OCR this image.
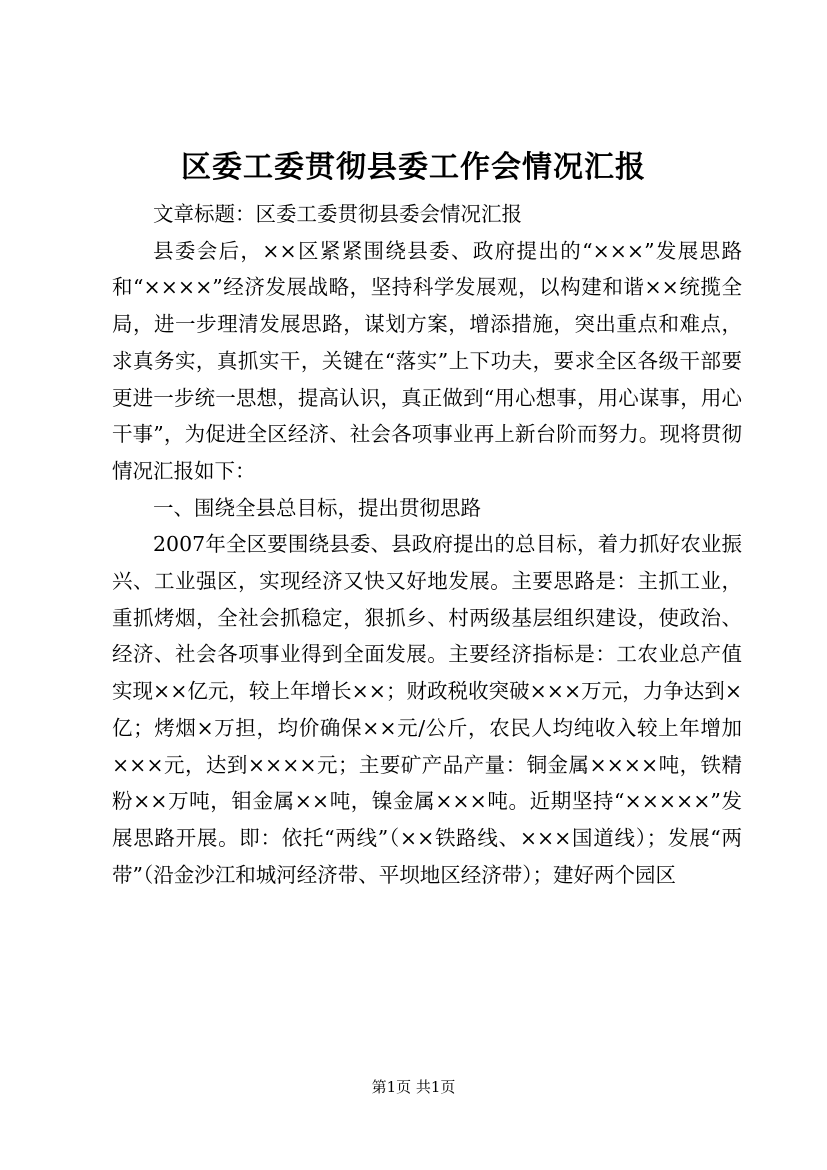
区委工委贯彻县委工作会情况汇报

文章标题：区委工委贯彻县委会情况汇报

县委会后，××区紧紧围绕县委、政府提出的“×××”发展思路和“××××”经济发展战略，坚持科学发展观，以构建和谐××统揽全局，进一步理清发展思路，谋划方案，增添措施，突出重点和难点，求真务实，真抓实干，关键在“落实”上下功夫，要求全区各级干部要更进一步统一思想，提高认识，真正做到“用心想事，用心谋事，用心干事”，为促进全区经济、社会各项事业再上新台阶而努力。现将贯彻情况汇报如下：

一、围绕全县总目标，提出贯彻思路

2007年全区要围绕县委、县政府提出的总目标，着力抓好农业振兴、工业强区，实现经济又快又好地发展。主要思路是：主抓工业，重抓烤烟，全社会抓稳定，狠抓乡、村两级基层组织建设，使政治、经济、社会各项事业得到全面发展。主要经济指标是：工农业总产值实现××亿元，较上年增长××；财政税收突破×××万元，力争达到×亿；烤烟×万担，均价确保××元/公斤，农民人均纯收入较上年增加×××元，达到××××元；主要矿产品产量：铜金属××××吨，铁精粉××万吨，钼金属××吨，镍金属×××吨。近期坚持“×××××”发展思路开展。即：依托“两线”（××铁路线、×××国道线）；发展“两带”（沿金沙江和城河经济带、平坝地区经济带）；建好两个园区

第1页 共1页
